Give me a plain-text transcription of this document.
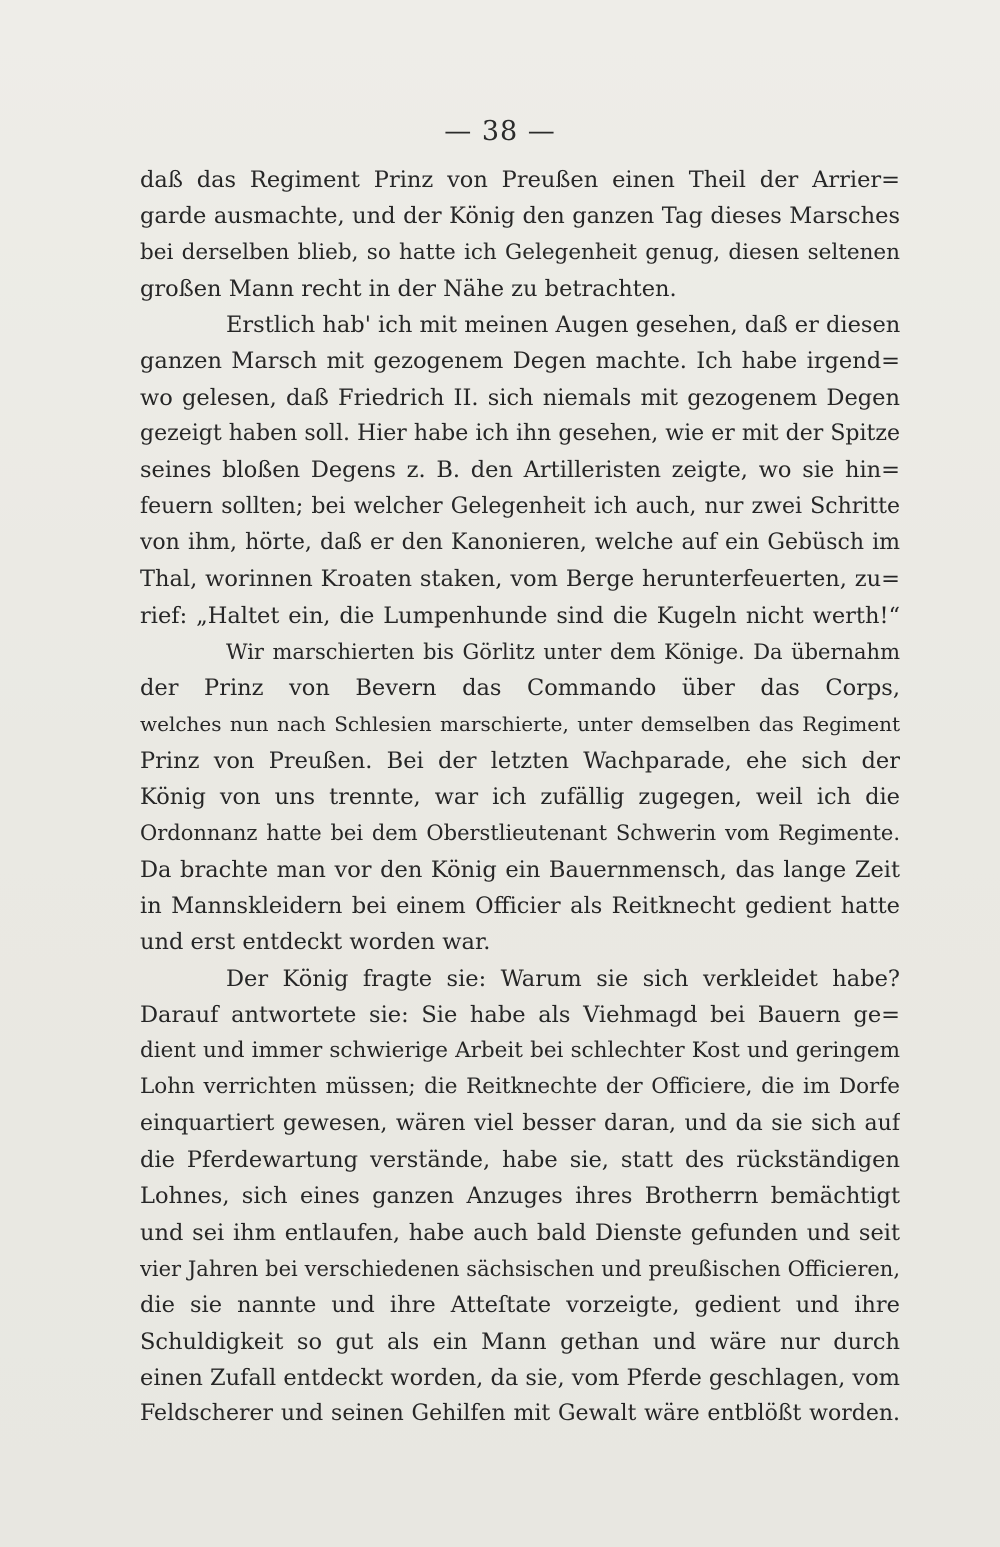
— 38 —
daß das Regiment Prinz von Preußen einen Theil der Arrier=
garde ausmachte, und der König den ganzen Tag dieses Marsches
bei derselben blieb, so hatte ich Gelegenheit genug, diesen seltenen
großen Mann recht in der Nähe zu betrachten.
Erstlich hab' ich mit meinen Augen gesehen, daß er diesen
ganzen Marsch mit gezogenem Degen machte. Ich habe irgend=
wo gelesen, daß Friedrich II. sich niemals mit gezogenem Degen
gezeigt haben soll. Hier habe ich ihn gesehen, wie er mit der Spitze
seines bloßen Degens z. B. den Artilleristen zeigte, wo sie hin=
feuern sollten; bei welcher Gelegenheit ich auch, nur zwei Schritte
von ihm, hörte, daß er den Kanonieren, welche auf ein Gebüsch im
Thal, worinnen Kroaten staken, vom Berge herunterfeuerten, zu=
rief: „Haltet ein, die Lumpenhunde sind die Kugeln nicht werth!“
Wir marschierten bis Görlitz unter dem Könige. Da übernahm
der Prinz von Bevern das Commando über das Corps,
welches nun nach Schlesien marschierte, unter demselben das Regiment
Prinz von Preußen. Bei der letzten Wachparade, ehe sich der
König von uns trennte, war ich zufällig zugegen, weil ich die
Ordonnanz hatte bei dem Oberstlieutenant Schwerin vom Regimente.
Da brachte man vor den König ein Bauernmensch, das lange Zeit
in Mannskleidern bei einem Officier als Reitknecht gedient hatte
und erst entdeckt worden war.
Der König fragte sie: Warum sie sich verkleidet habe?
Darauf antwortete sie: Sie habe als Viehmagd bei Bauern ge=
dient und immer schwierige Arbeit bei schlechter Kost und geringem
Lohn verrichten müssen; die Reitknechte der Officiere, die im Dorfe
einquartiert gewesen, wären viel besser daran, und da sie sich auf
die Pferdewartung verstände, habe sie, statt des rückständigen
Lohnes, sich eines ganzen Anzuges ihres Brotherrn bemächtigt
und sei ihm entlaufen, habe auch bald Dienste gefunden und seit
vier Jahren bei verschiedenen sächsischen und preußischen Officieren,
die sie nannte und ihre Atteſtate vorzeigte, gedient und ihre
Schuldigkeit so gut als ein Mann gethan und wäre nur durch
einen Zufall entdeckt worden, da sie, vom Pferde geschlagen, vom
Feldscherer und seinen Gehilfen mit Gewalt wäre entblößt worden.
